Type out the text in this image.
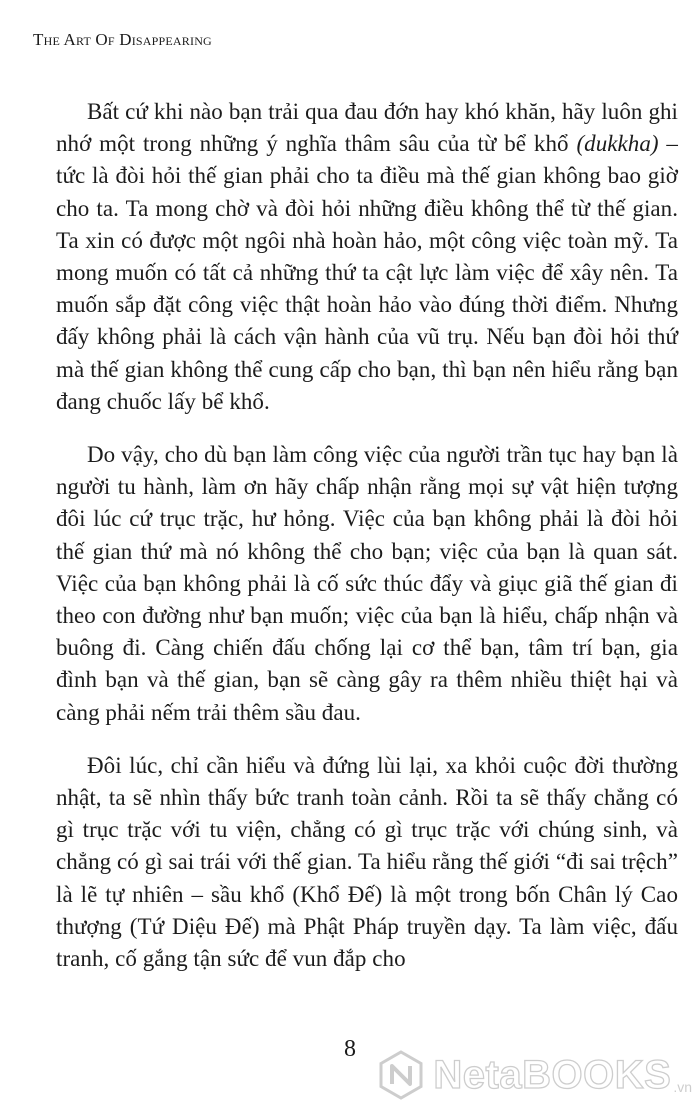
The Art Of Disappearing

Bất cứ khi nào bạn trải qua đau đớn hay khó khăn, hãy luôn ghi nhớ một trong những ý nghĩa thâm sâu của từ bể khổ (dukkha) – tức là đòi hỏi thế gian phải cho ta điều mà thế gian không bao giờ cho ta. Ta mong chờ và đòi hỏi những điều không thể từ thế gian. Ta xin có được một ngôi nhà hoàn hảo, một công việc toàn mỹ. Ta mong muốn có tất cả những thứ ta cật lực làm việc để xây nên. Ta muốn sắp đặt công việc thật hoàn hảo vào đúng thời điểm. Nhưng đấy không phải là cách vận hành của vũ trụ. Nếu bạn đòi hỏi thứ mà thế gian không thể cung cấp cho bạn, thì bạn nên hiểu rằng bạn đang chuốc lấy bể khổ.

Do vậy, cho dù bạn làm công việc của người trần tục hay bạn là người tu hành, làm ơn hãy chấp nhận rằng mọi sự vật hiện tượng đôi lúc cứ trục trặc, hư hỏng. Việc của bạn không phải là đòi hỏi thế gian thứ mà nó không thể cho bạn; việc của bạn là quan sát. Việc của bạn không phải là cố sức thúc đẩy và giục giã thế gian đi theo con đường như bạn muốn; việc của bạn là hiểu, chấp nhận và buông đi. Càng chiến đấu chống lại cơ thể bạn, tâm trí bạn, gia đình bạn và thế gian, bạn sẽ càng gây ra thêm nhiều thiệt hại và càng phải nếm trải thêm sầu đau.

Đôi lúc, chỉ cần hiểu và đứng lùi lại, xa khỏi cuộc đời thường nhật, ta sẽ nhìn thấy bức tranh toàn cảnh. Rồi ta sẽ thấy chẳng có gì trục trặc với tu viện, chẳng có gì trục trặc với chúng sinh, và chẳng có gì sai trái với thế gian. Ta hiểu rằng thế giới “đi sai trệch” là lẽ tự nhiên – sầu khổ (Khổ Đế) là một trong bốn Chân lý Cao thượng (Tứ Diệu Đế) mà Phật Pháp truyền dạy. Ta làm việc, đấu tranh, cố gắng tận sức để vun đắp cho

8
NetaBOOKS .vn
